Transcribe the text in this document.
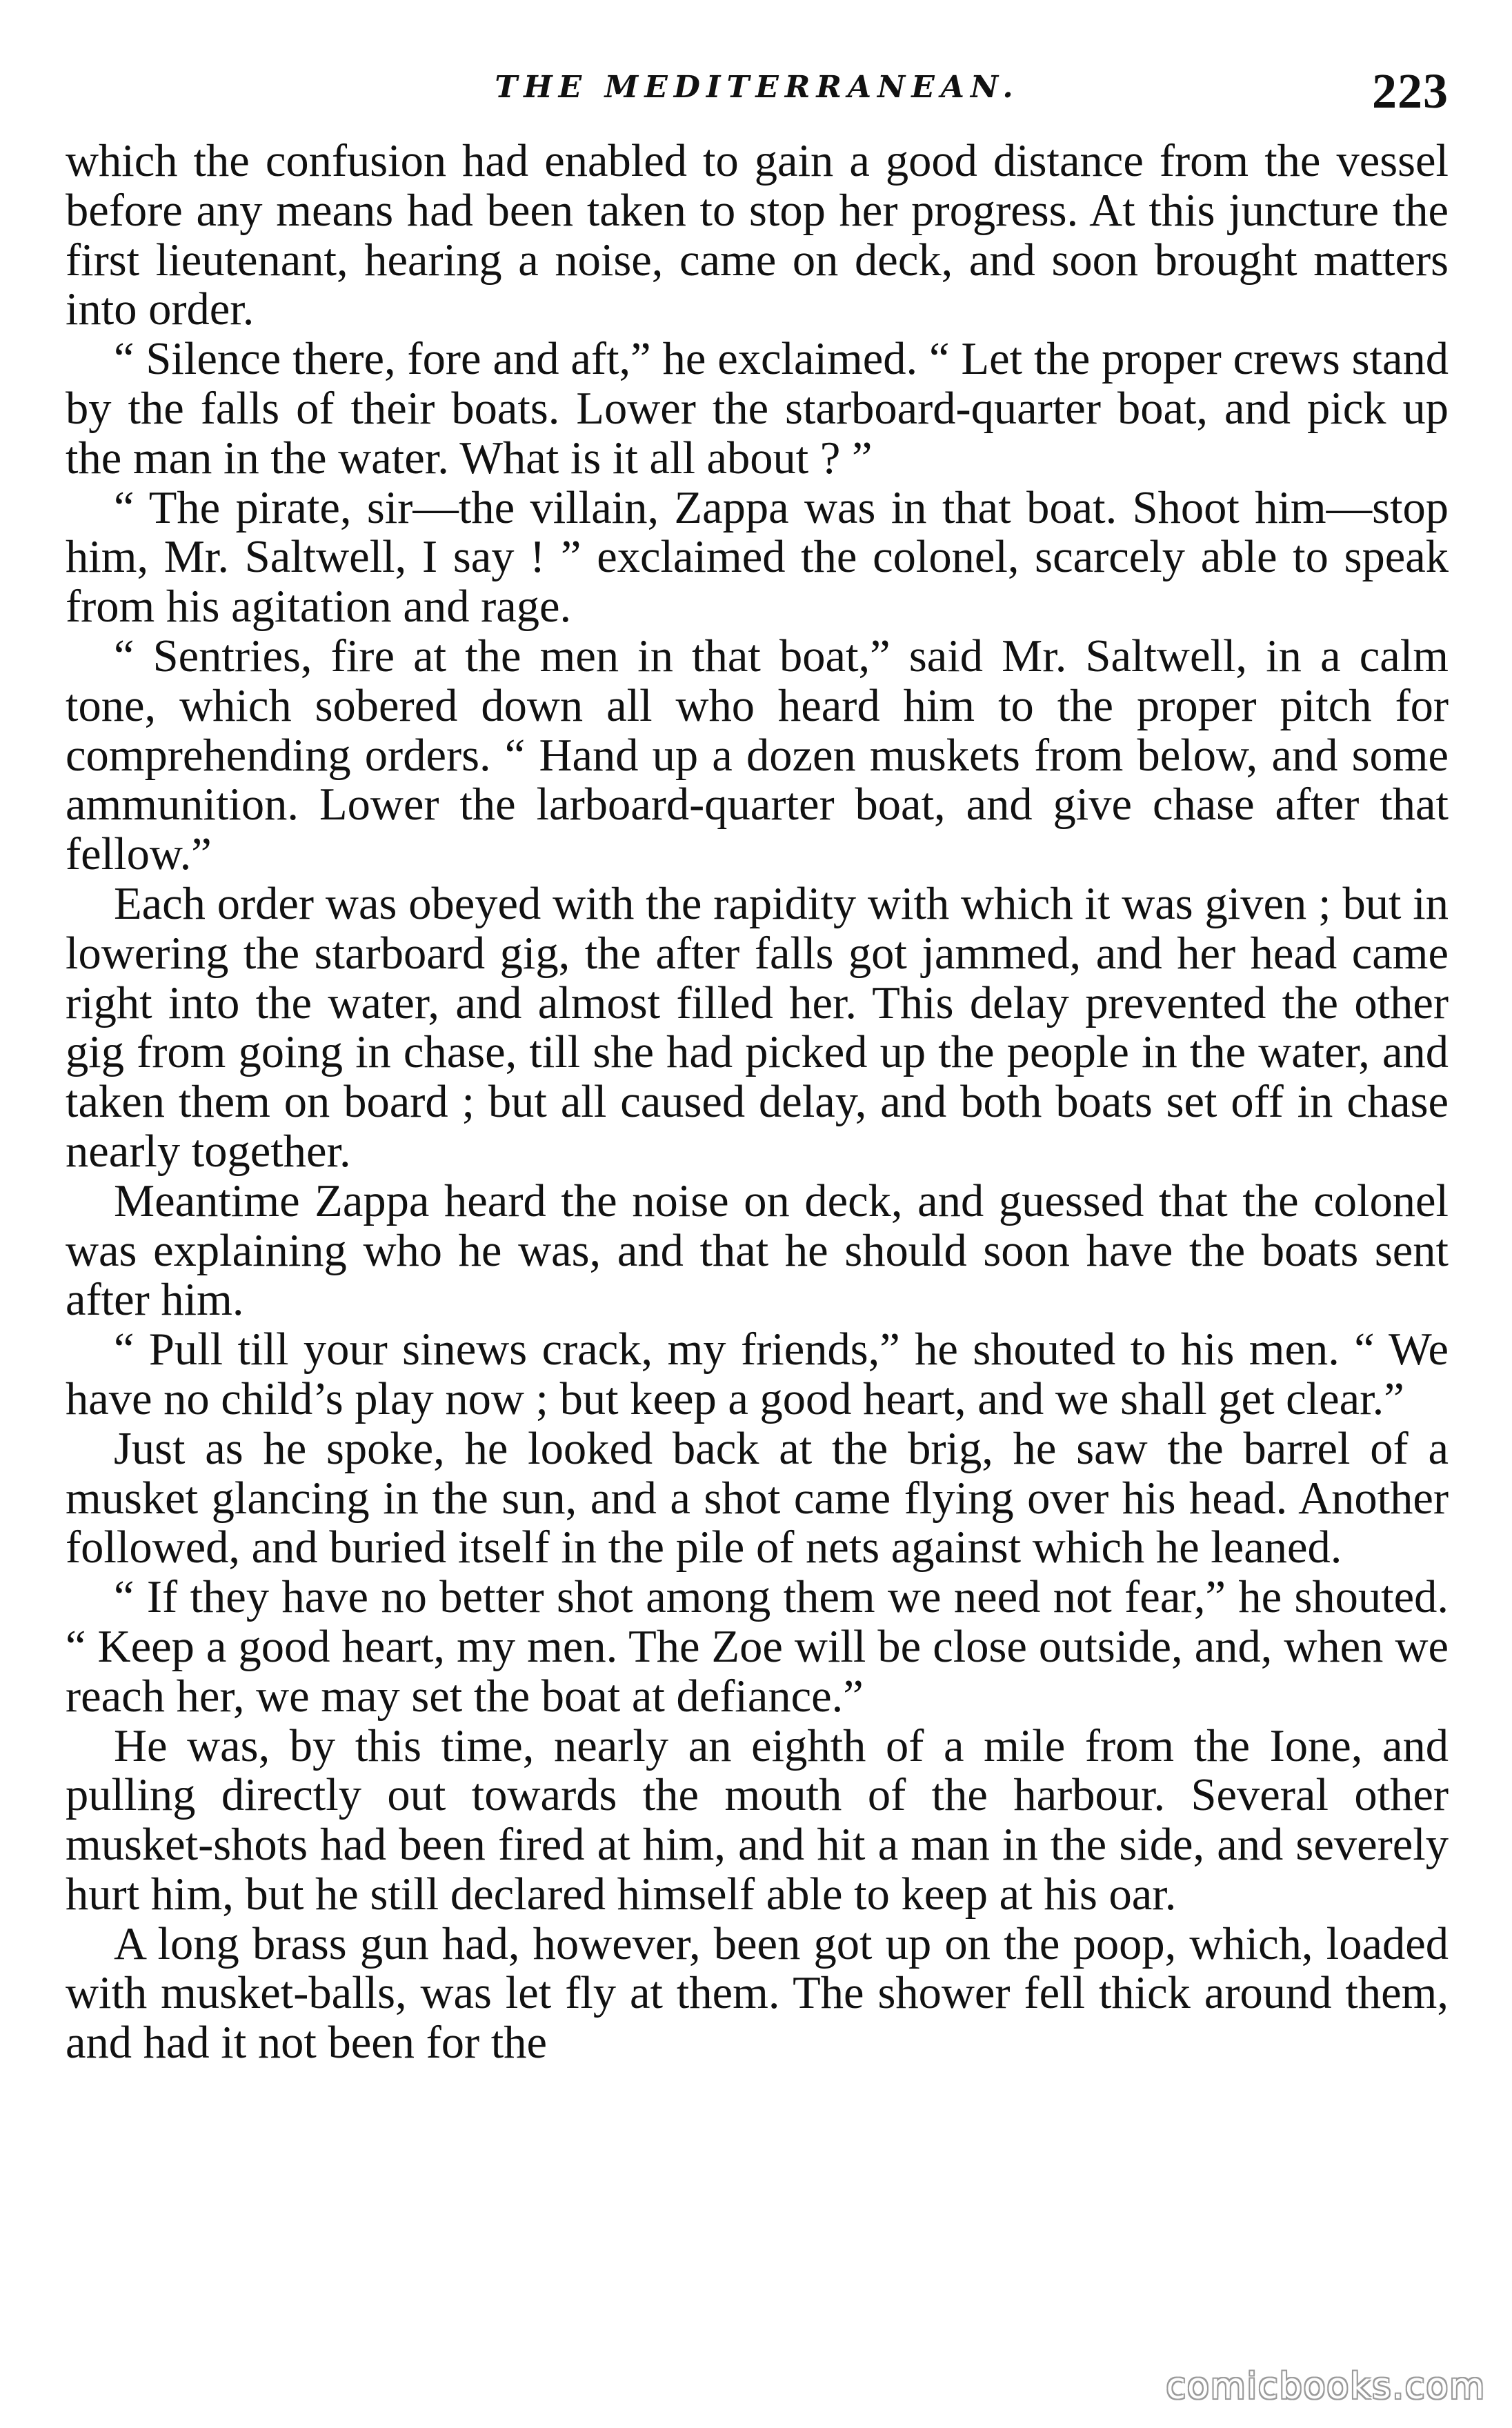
THE MEDITERRANEAN.	223

which the confusion had enabled to gain a good distance from the vessel before any means had been taken to stop her progress. At this juncture the first lieutenant, hearing a noise, came on deck, and soon brought matters into order.

“ Silence there, fore and aft,” he exclaimed. “ Let the proper crews stand by the falls of their boats. Lower the starboard-quarter boat, and pick up the man in the water. What is it all about ? ”

“ The pirate, sir—the villain, Zappa was in that boat. Shoot him—stop him, Mr. Saltwell, I say ! ” exclaimed the colonel, scarcely able to speak from his agitation and rage.

“ Sentries, fire at the men in that boat,” said Mr. Saltwell, in a calm tone, which sobered down all who heard him to the proper pitch for comprehending orders. “ Hand up a dozen muskets from below, and some ammunition. Lower the larboard-quarter boat, and give chase after that fellow.”

Each order was obeyed with the rapidity with which it was given ; but in lowering the starboard gig, the after falls got jammed, and her head came right into the water, and almost filled her. This delay prevented the other gig from going in chase, till she had picked up the people in the water, and taken them on board ; but all caused delay, and both boats set off in chase nearly together.

Meantime Zappa heard the noise on deck, and guessed that the colonel was explaining who he was, and that he should soon have the boats sent after him.

“ Pull till your sinews crack, my friends,” he shouted to his men. “ We have no child’s play now ; but keep a good heart, and we shall get clear.”

Just as he spoke, he looked back at the brig, he saw the barrel of a musket glancing in the sun, and a shot came flying over his head. Another followed, and buried itself in the pile of nets against which he leaned.

“ If they have no better shot among them we need not fear,” he shouted. “ Keep a good heart, my men. The Zoe will be close outside, and, when we reach her, we may set the boat at defiance.”

He was, by this time, nearly an eighth of a mile from the Ione, and pulling directly out towards the mouth of the harbour. Several other musket-shots had been fired at him, and hit a man in the side, and severely hurt him, but he still declared himself able to keep at his oar.

A long brass gun had, however, been got up on the poop, which, loaded with musket-balls, was let fly at them. The shower fell thick around them, and had it not been for the

comicbooks.com
